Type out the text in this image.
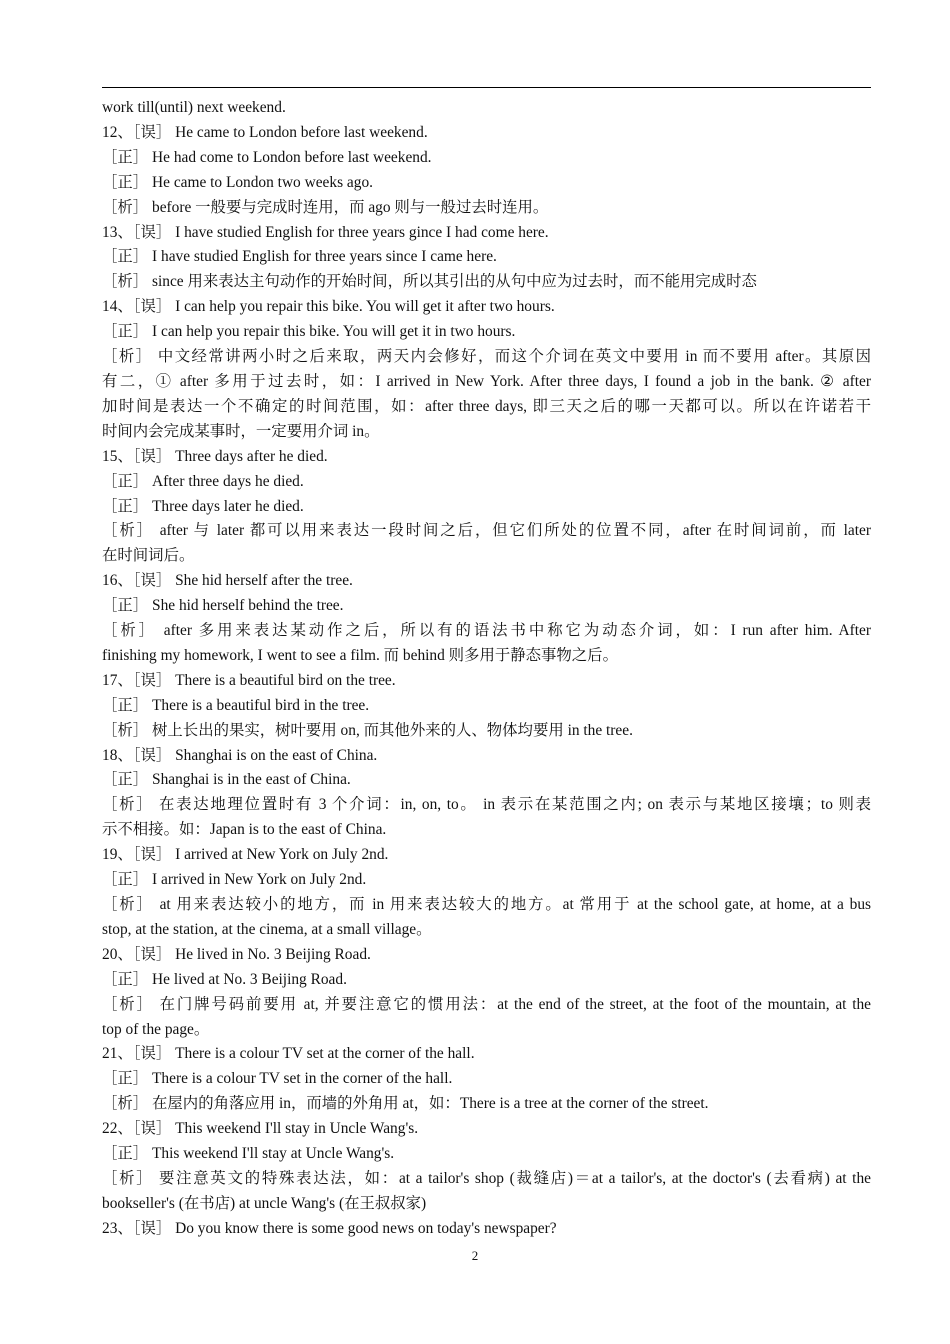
work till(until) next weekend.
12、［误］ He came to London before last weekend.
［正］ He had come to London before last weekend.
［正］ He came to London two weeks ago.
［析］ before 一般要与完成时连用，而 ago 则与一般过去时连用。
13、［误］ I have studied English for three years gince I had come here.
［正］ I have studied English for three years since I came here.
［析］ since 用来表达主句动作的开始时间，所以其引出的从句中应为过去时，而不能用完成时态
14、［误］ I can help you repair this bike. You will get it after two hours.
［正］ I can help you repair this bike. You will get it in two hours.
［析］ 中文经常讲两小时之后来取，两天内会修好，而这个介词在英文中要用 in 而不要用 after。其原因
有二，① after 多用于过去时，如：I arrived in New York. After three days, I found a job in the bank. ② after
加时间是表达一个不确定的时间范围，如：after three days, 即三天之后的哪一天都可以。所以在许诺若干
时间内会完成某事时，一定要用介词 in。
15、［误］ Three days after he died.
［正］ After three days he died.
［正］ Three days later he died.
［析］ after 与 later 都可以用来表达一段时间之后，但它们所处的位置不同，after 在时间词前，而 later
在时间词后。
16、［误］ She hid herself after the tree.
［正］ She hid herself behind the tree.
［析］ after 多用来表达某动作之后，所以有的语法书中称它为动态介词，如：I run after him. After
finishing my homework, I went to see a film. 而 behind 则多用于静态事物之后。
17、［误］ There is a beautiful bird on the tree.
［正］ There is a beautiful bird in the tree.
［析］ 树上长出的果实，树叶要用 on, 而其他外来的人、物体均要用 in the tree.
18、［误］ Shanghai is on the east of China.
［正］ Shanghai is in the east of China.
［析］ 在表达地理位置时有 3 个介词：in, on, to。 in 表示在某范围之内; on 表示与某地区接壤；to 则表
示不相接。如：Japan is to the east of China.
19、［误］ I arrived at New York on July 2nd.
［正］ I arrived in New York on July 2nd.
［析］ at 用来表达较小的地方，而 in 用来表达较大的地方。at 常用于 at the school gate, at home, at a bus
stop, at the station, at the cinema, at a small village。
20、［误］ He lived in No. 3 Beijing Road.
［正］ He lived at No. 3 Beijing Road.
［析］ 在门牌号码前要用 at, 并要注意它的惯用法：at the end of the street, at the foot of the mountain, at the
top of the page。
21、［误］ There is a colour TV set at the corner of the hall.
［正］ There is a colour TV set in the corner of the hall.
［析］ 在屋内的角落应用 in，而墙的外角用 at，如：There is a tree at the corner of the street.
22、［误］ This weekend I'll stay in Uncle Wang's.
［正］ This weekend I'll stay at Uncle Wang's.
［析］ 要注意英文的特殊表达法，如：at a tailor's shop (裁缝店)＝at a tailor's, at the doctor's (去看病) at the
bookseller's (在书店) at uncle Wang's (在王叔叔家)
23、［误］ Do you know there is some good news on today's newspaper?
2
